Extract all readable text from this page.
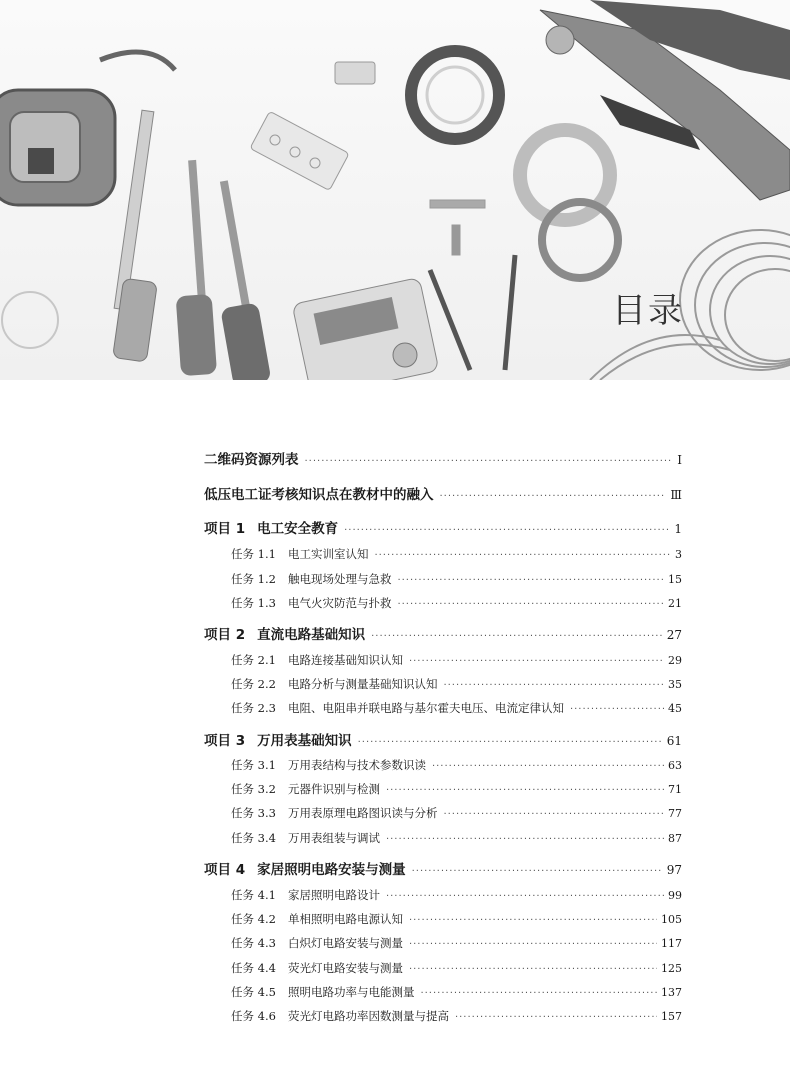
目录
二维码资源列表 ·····	Ⅰ
低压电工证考核知识点在教材中的融入 ·····	Ⅲ
项目 1 电工安全教育 ·····	1
任务 1.1 电工实训室认知 ·····	3
任务 1.2 触电现场处理与急救 ·····	15
任务 1.3 电气火灾防范与扑救 ·····	21
项目 2 直流电路基础知识 ·····	27
任务 2.1 电路连接基础知识认知 ·····	29
任务 2.2 电路分析与测量基础知识认知 ·····	35
任务 2.3 电阻、电阻串并联电路与基尔霍夫电压、电流定律认知 ·····	45
项目 3 万用表基础知识 ·····	61
任务 3.1 万用表结构与技术参数识读 ·····	63
任务 3.2 元器件识别与检测 ·····	71
任务 3.3 万用表原理电路图识读与分析 ·····	77
任务 3.4 万用表组装与调试 ·····	87
项目 4 家居照明电路安装与测量 ·····	97
任务 4.1 家居照明电路设计 ·····	99
任务 4.2 单相照明电路电源认知 ·····	105
任务 4.3 白炽灯电路安装与测量 ·····	117
任务 4.4 荧光灯电路安装与测量 ·····	125
任务 4.5 照明电路功率与电能测量 ·····	137
任务 4.6 荧光灯电路功率因数测量与提高 ·····	157
